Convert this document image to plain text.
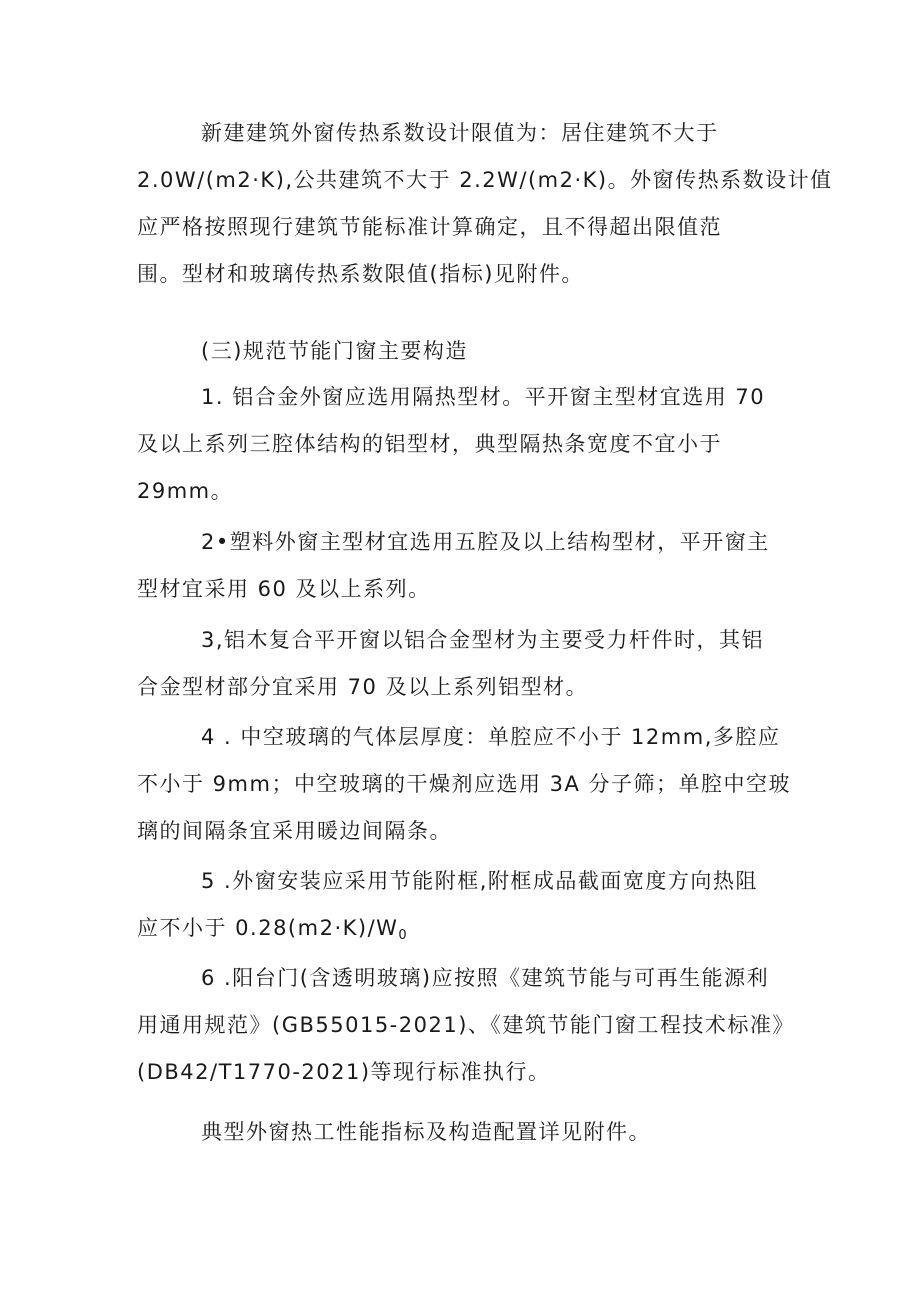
新建建筑外窗传热系数设计限值为：居住建筑不大于
2.0W/(m2·K),公共建筑不大于 2.2W/(m2·K)。外窗传热系数设计值
应严格按照现行建筑节能标准计算确定，且不得超出限值范
围。型材和玻璃传热系数限值(指标)见附件。
(三)规范节能门窗主要构造
1. 铝合金外窗应选用隔热型材。平开窗主型材宜选用 70
及以上系列三腔体结构的铝型材，典型隔热条宽度不宜小于
29mm。
2•塑料外窗主型材宜选用五腔及以上结构型材，平开窗主
型材宜采用 60 及以上系列。
3,铝木复合平开窗以铝合金型材为主要受力杆件时，其铝
合金型材部分宜采用 70 及以上系列铝型材。
4 . 中空玻璃的气体层厚度：单腔应不小于 12mm,多腔应
不小于 9mm；中空玻璃的干燥剂应选用 3A 分子筛；单腔中空玻
璃的间隔条宜采用暖边间隔条。
5 .外窗安装应采用节能附框,附框成品截面宽度方向热阻
应不小于 $0.28(m2\cdot K)/W_0$
6 .阳台门(含透明玻璃)应按照《建筑节能与可再生能源利
用通用规范》(GB55015-2021)、《建筑节能门窗工程技术标准》
(DB42/T1770-2021)等现行标准执行。
典型外窗热工性能指标及构造配置详见附件。
